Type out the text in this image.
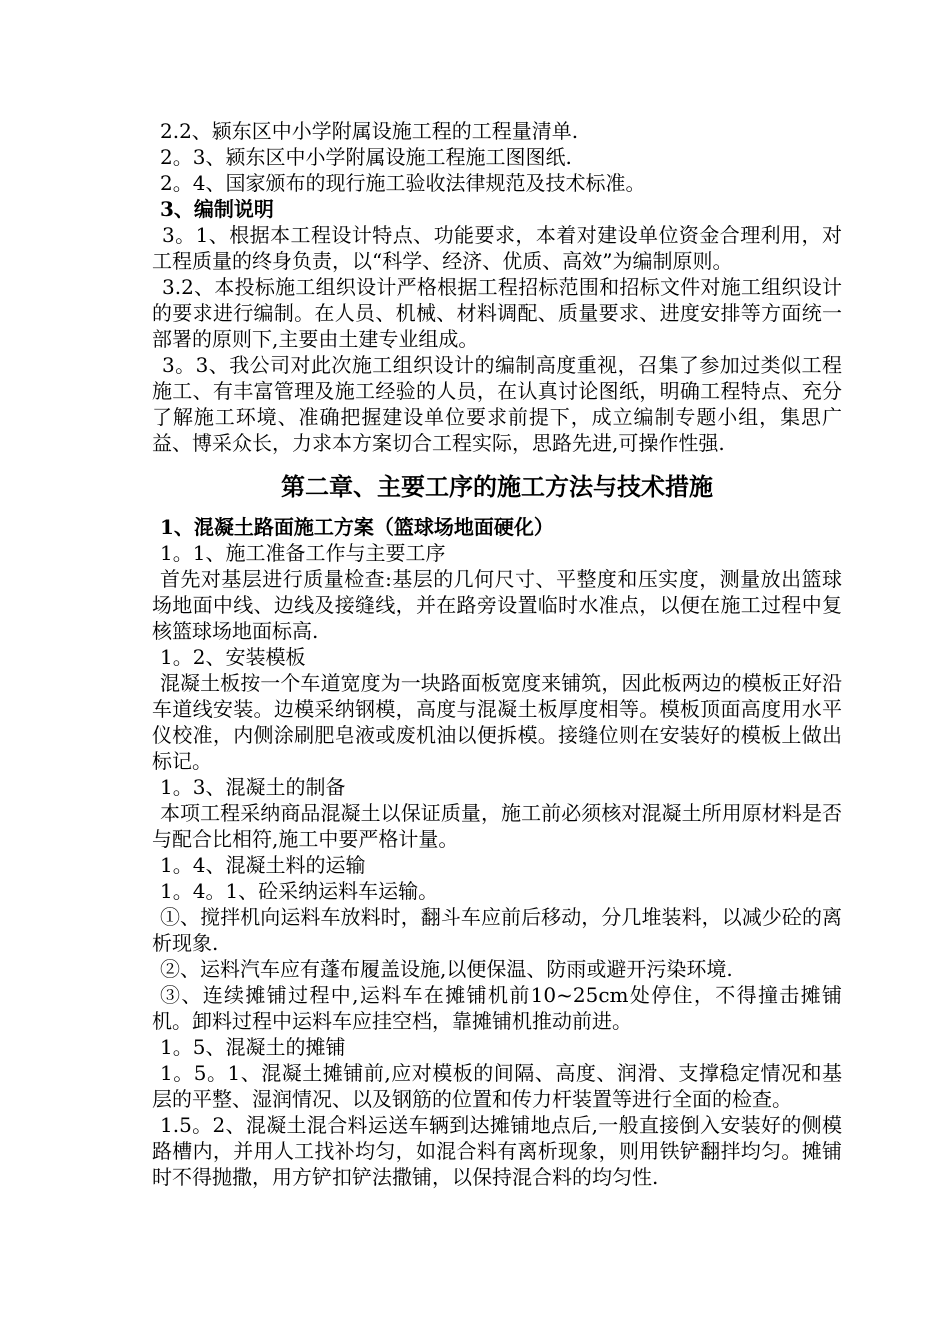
2.2、颍东区中小学附属设施工程的工程量清单.

2。3、颍东区中小学附属设施工程施工图图纸.

2。4、国家颁布的现行施工验收法律规范及技术标准。

3、编制说明

3。1、根据本工程设计特点、功能要求，本着对建设单位资金合理利用，对工程质量的终身负责，以“科学、经济、优质、高效”为编制原则。

3.2、本投标施工组织设计严格根据工程招标范围和招标文件对施工组织设计的要求进行编制。在人员、机械、材料调配、质量要求、进度安排等方面统一部署的原则下,主要由土建专业组成。

3。3、我公司对此次施工组织设计的编制高度重视，召集了参加过类似工程施工、有丰富管理及施工经验的人员，在认真讨论图纸，明确工程特点、充分了解施工环境、准确把握建设单位要求前提下，成立编制专题小组，集思广益、博采众长，力求本方案切合工程实际，思路先进,可操作性强.

第二章、主要工序的施工方法与技术措施

1、混凝土路面施工方案（篮球场地面硬化）

1。1、施工准备工作与主要工序

首先对基层进行质量检查:基层的几何尺寸、平整度和压实度，测量放出篮球场地面中线、边线及接缝线，并在路旁设置临时水准点，以便在施工过程中复核篮球场地面标高.

1。2、安装模板

混凝土板按一个车道宽度为一块路面板宽度来铺筑，因此板两边的模板正好沿车道线安装。边模采纳钢模，高度与混凝土板厚度相等。模板顶面高度用水平仪校准，内侧涂刷肥皂液或废机油以便拆模。接缝位则在安装好的模板上做出标记。

1。3、混凝土的制备

本项工程采纳商品混凝土以保证质量，施工前必须核对混凝土所用原材料是否与配合比相符,施工中要严格计量。

1。4、混凝土料的运输

1。4。1、砼采纳运料车运输。

①、搅拌机向运料车放料时，翻斗车应前后移动，分几堆装料，以减少砼的离析现象.

②、运料汽车应有蓬布履盖设施,以便保温、防雨或避开污染环境.

③、连续摊铺过程中,运料车在摊铺机前10~25cm处停住，不得撞击摊铺机。卸料过程中运料车应挂空档，靠摊铺机推动前进。

1。5、混凝土的摊铺

1。5。1、混凝土摊铺前,应对模板的间隔、高度、润滑、支撑稳定情况和基层的平整、湿润情况、以及钢筋的位置和传力杆装置等进行全面的检查。

1.5。2、混凝土混合料运送车辆到达摊铺地点后,一般直接倒入安装好的侧模路槽内，并用人工找补均匀，如混合料有离析现象，则用铁铲翻拌均匀。摊铺时不得抛撒，用方铲扣铲法撒铺，以保持混合料的均匀性.
